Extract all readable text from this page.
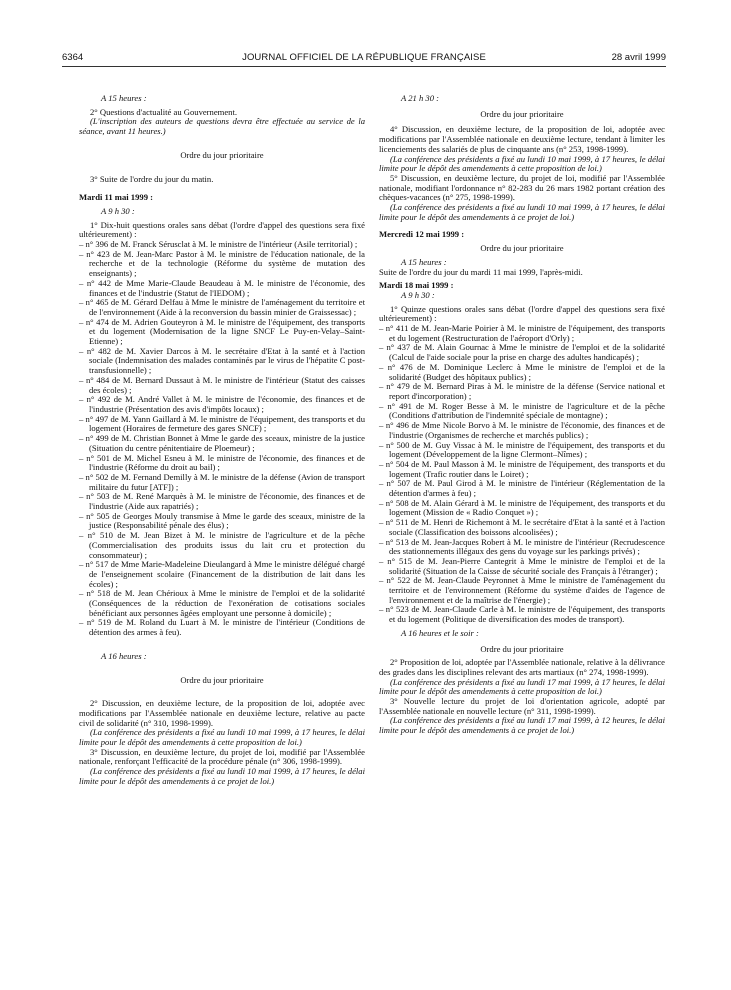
6364	JOURNAL OFFICIEL DE LA RÉPUBLIQUE FRANÇAISE	28 avril 1999

A 15 heures :

2° Questions d'actualité au Gouvernement.

(L'inscription des auteurs de questions devra être effectuée au service de la séance, avant 11 heures.)

Ordre du jour prioritaire

3° Suite de l'ordre du jour du matin.

Mardi 11 mai 1999 :

A 9 h 30 :

1° Dix-huit questions orales sans débat (l'ordre d'appel des questions sera fixé ultérieurement) :

– n° 396 de M. Franck Sérusclat à M. le ministre de l'intérieur (Asile territorial) ;
– n° 423 de M. Jean-Marc Pastor à M. le ministre de l'éducation nationale, de la recherche et de la technologie (Réforme du système de mutation des enseignants) ;
– n° 442 de Mme Marie-Claude Beaudeau à M. le ministre de l'économie, des finances et de l'industrie (Statut de l'IEDOM) ;
– n° 465 de M. Gérard Delfau à Mme le ministre de l'aménagement du territoire et de l'environnement (Aide à la reconversion du bassin minier de Graissessac) ;
– n° 474 de M. Adrien Gouteyron à M. le ministre de l'équipement, des transports et du logement (Modernisation de la ligne SNCF Le Puy-en-Velay–Saint-Etienne) ;
– n° 482 de M. Xavier Darcos à M. le secrétaire d'Etat à la santé et à l'action sociale (Indemnisation des malades contaminés par le virus de l'hépatite C post-transfusionnelle) ;
– n° 484 de M. Bernard Dussaut à M. le ministre de l'intérieur (Statut des caisses des écoles) ;
– n° 492 de M. André Vallet à M. le ministre de l'économie, des finances et de l'industrie (Présentation des avis d'impôts locaux) ;
– n° 497 de M. Yann Gaillard à M. le ministre de l'équipement, des transports et du logement (Horaires de fermeture des gares SNCF) ;
– n° 499 de M. Christian Bonnet à Mme le garde des sceaux, ministre de la justice (Situation du centre pénitentiaire de Ploemeur) ;
– n° 501 de M. Michel Esneu à M. le ministre de l'économie, des finances et de l'industrie (Réforme du droit au bail) ;
– n° 502 de M. Fernand Demilly à M. le ministre de la défense (Avion de transport militaire du futur [ATF]) ;
– n° 503 de M. René Marquès à M. le ministre de l'économie, des finances et de l'industrie (Aide aux rapatriés) ;
– n° 505 de Georges Mouly transmise à Mme le garde des sceaux, ministre de la justice (Responsabilité pénale des élus) ;
– n° 510 de M. Jean Bizet à M. le ministre de l'agriculture et de la pêche (Commercialisation des produits issus du lait cru et protection du consommateur) ;
– n° 517 de Mme Marie-Madeleine Dieulangard à Mme le ministre délégué chargé de l'enseignement scolaire (Financement de la distribution de lait dans les écoles) ;
– n° 518 de M. Jean Chérioux à Mme le ministre de l'emploi et de la solidarité (Conséquences de la réduction de l'exonération de cotisations sociales bénéficiant aux personnes âgées employant une personne à domicile) ;
– n° 519 de M. Roland du Luart à M. le ministre de l'intérieur (Conditions de détention des armes à feu).

A 16 heures :

Ordre du jour prioritaire

2° Discussion, en deuxième lecture, de la proposition de loi, adoptée avec modifications par l'Assemblée nationale en deuxième lecture, relative au pacte civil de solidarité (n° 310, 1998-1999).

(La conférence des présidents a fixé au lundi 10 mai 1999, à 17 heures, le délai limite pour le dépôt des amendements à cette proposition de loi.)

3° Discussion, en deuxième lecture, du projet de loi, modifié par l'Assemblée nationale, renforçant l'efficacité de la procédure pénale (n° 306, 1998-1999).

(La conférence des présidents a fixé au lundi 10 mai 1999, à 17 heures, le délai limite pour le dépôt des amendements à ce projet de loi.)

A 21 h 30 :

Ordre du jour prioritaire

4° Discussion, en deuxième lecture, de la proposition de loi, adoptée avec modifications par l'Assemblée nationale en deuxième lecture, tendant à limiter les licenciements des salariés de plus de cinquante ans (n° 253, 1998-1999).

(La conférence des présidents a fixé au lundi 10 mai 1999, à 17 heures, le délai limite pour le dépôt des amendements à cette proposition de loi.)

5° Discussion, en deuxième lecture, du projet de loi, modifié par l'Assemblée nationale, modifiant l'ordonnance n° 82-283 du 26 mars 1982 portant création des chèques-vacances (n° 275, 1998-1999).

(La conférence des présidents a fixé au lundi 10 mai 1999, à 17 heures, le délai limite pour le dépôt des amendements à ce projet de loi.)

Mercredi 12 mai 1999 :

Ordre du jour prioritaire

A 15 heures :

Suite de l'ordre du jour du mardi 11 mai 1999, l'après-midi.

Mardi 18 mai 1999 :

A 9 h 30 :

1° Quinze questions orales sans débat (l'ordre d'appel des questions sera fixé ultérieurement) :

– n° 411 de M. Jean-Marie Poirier à M. le ministre de l'équipement, des transports et du logement (Restructuration de l'aéroport d'Orly) ;
– n° 437 de M. Alain Gournac à Mme le ministre de l'emploi et de la solidarité (Calcul de l'aide sociale pour la prise en charge des adultes handicapés) ;
– n° 476 de M. Dominique Leclerc à Mme le ministre de l'emploi et de la solidarité (Budget des hôpitaux publics) ;
– n° 479 de M. Bernard Piras à M. le ministre de la défense (Service national et report d'incorporation) ;
– n° 491 de M. Roger Besse à M. le ministre de l'agriculture et de la pêche (Conditions d'attribution de l'indemnité spéciale de montagne) ;
– n° 496 de Mme Nicole Borvo à M. le ministre de l'économie, des finances et de l'industrie (Organismes de recherche et marchés publics) ;
– n° 500 de M. Guy Vissac à M. le ministre de l'équipement, des transports et du logement (Développement de la ligne Clermont–Nîmes) ;
– n° 504 de M. Paul Masson à M. le ministre de l'équipement, des transports et du logement (Trafic routier dans le Loiret) ;
– n° 507 de M. Paul Girod à M. le ministre de l'intérieur (Réglementation de la détention d'armes à feu) ;
– n° 508 de M. Alain Gérard à M. le ministre de l'équipement, des transports et du logement (Mission de « Radio Conquet ») ;
– n° 511 de M. Henri de Richemont à M. le secrétaire d'Etat à la santé et à l'action sociale (Classification des boissons alcoolisées) ;
– n° 513 de M. Jean-Jacques Robert à M. le ministre de l'intérieur (Recrudescence des stationnements illégaux des gens du voyage sur les parkings privés) ;
– n° 515 de M. Jean-Pierre Cantegrit à Mme le ministre de l'emploi et de la solidarité (Situation de la Caisse de sécurité sociale des Français à l'étranger) ;
– n° 522 de M. Jean-Claude Peyronnet à Mme le ministre de l'aménagement du territoire et de l'environnement (Réforme du système d'aides de l'agence de l'environnement et de la maîtrise de l'énergie) ;
– n° 523 de M. Jean-Claude Carle à M. le ministre de l'équipement, des transports et du logement (Politique de diversification des modes de transport).

A 16 heures et le soir :

Ordre du jour prioritaire

2° Proposition de loi, adoptée par l'Assemblée nationale, relative à la délivrance des grades dans les disciplines relevant des arts martiaux (n° 274, 1998-1999).

(La conférence des présidents a fixé au lundi 17 mai 1999, à 17 heures, le délai limite pour le dépôt des amendements à cette proposition de loi.)

3° Nouvelle lecture du projet de loi d'orientation agricole, adopté par l'Assemblée nationale en nouvelle lecture (n° 311, 1998-1999).

(La conférence des présidents a fixé au lundi 17 mai 1999, à 12 heures, le délai limite pour le dépôt des amendements à ce projet de loi.)
